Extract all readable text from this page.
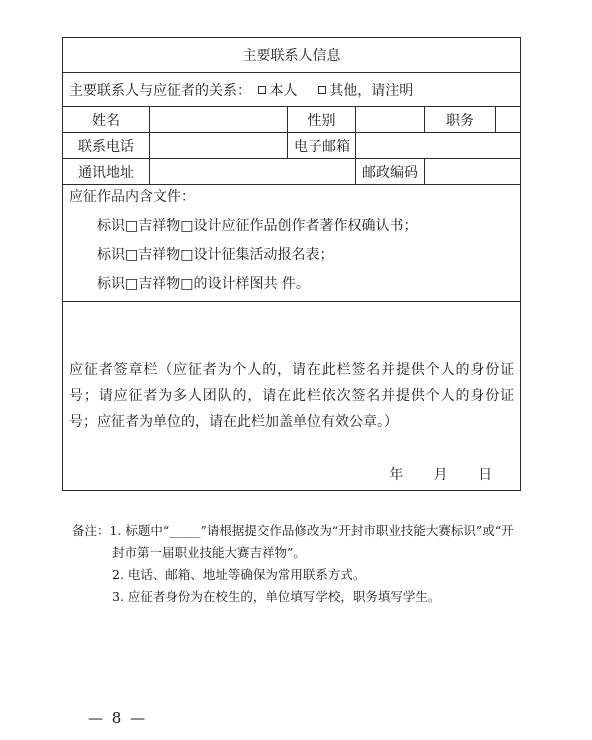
主要联系人信息					
主要联系人与应征者的关系： 本人 其他，请注明					
姓名		性别		职务	
联系电话		电子邮箱			
通讯地址			邮政编码		

应征作品内含文件：
标识□吉祥物□设计应征作品创作者著作权确认书；
标识□吉祥物□设计征集活动报名表；
标识□吉祥物□的设计样图共 件。					

应征者签章栏（应征者为个人的，请在此栏签名并提供个人的身份证号；请应征者为多人团队的，请在此栏依次签名并提供个人的身份证号；应征者为单位的，请在此栏加盖单位有效公章。）
年 月 日					
备注：1. 标题中“_____”请根据提交作品修改为“开封市职业技能大赛标识”或“开
封市第一届职业技能大赛吉祥物”。
2. 电话、邮箱、地址等确保为常用联系方式。
3. 应征者身份为在校生的，单位填写学校，职务填写学生。
— 8 —
